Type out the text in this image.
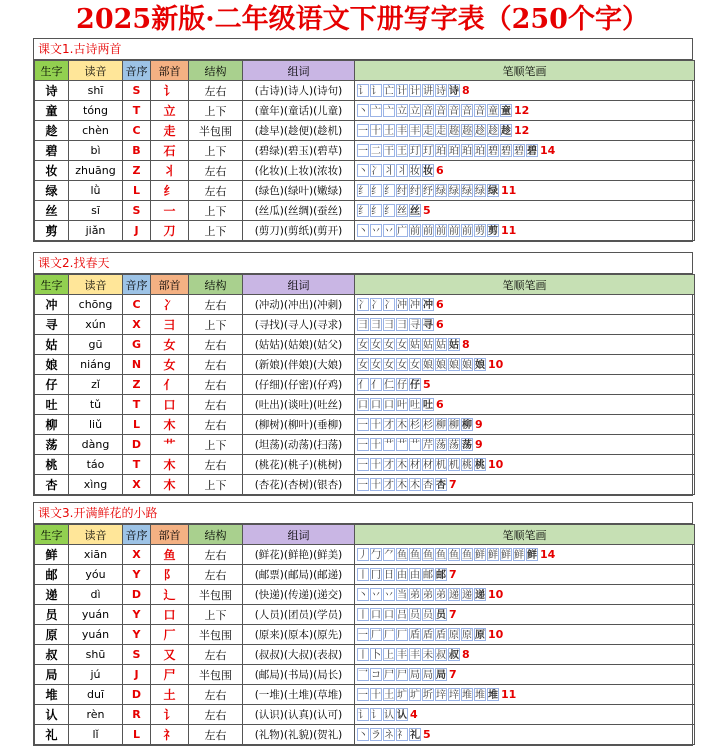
2025新版·二年级语文下册写字表（250个字）
课文1.古诗两首
生字	读音	音序	部首	结构	组词	笔顺笔画
诗	shī	S	讠	左右	(古诗)(诗人)(诗句)	讠 讠 亡 计 计 讲 诗 诗 8
童	tóng	T	立	上下	(童年)(童话)(儿童)	丶 亠 亠 立 立 音 音 音 音 音 童 童 12
趁	chèn	C	走	半包围	(趁早)(趁便)(趁机)	一 十 土 丰 丰 走 走 趂 趂 趁 趁 趁 12
碧	bì	B	石	上下	(碧绿)(碧玉)(碧草)	一 二 干 王 玎 玎 珀 珀 珀 珀 碧 碧 碧 碧 14
妆	zhuāng	Z	丬	左右	(化妆)(上妆)(浓妆)	丶 冫 丬 丬 妆 妆 6
绿	lǜ	L	纟	左右	(绿色)(绿叶)(嫩绿)	纟 纟 纟 纣 纣 纾 绿 绿 绿 绿 绿 11
丝	sī	S	一	上下	(丝瓜)(丝绸)(蚕丝)	纟 纟 纟 丝 丝 5
剪	jiǎn	J	刀	上下	(剪刀)(剪纸)(剪开)	丶 丷 丷 广 前 前 前 前 前 剪 剪 11
课文2.找春天
生字	读音	音序	部首	结构	组词	笔顺笔画
冲	chōng	C	冫	左右	(冲动)(冲出)(冲刺)	冫 冫 冫 冲 冲 冲 6
寻	xún	X	彐	上下	(寻找)(寻人)(寻求)	彐 彐 彐 彐 寻 寻 6
姑	gū	G	女	左右	(姑姑)(姑娘)(姑父)	女 女 女 女 姑 姑 姑 姑 8
娘	niáng	N	女	左右	(新娘)(伴娘)(大娘)	女 女 女 女 女 娘 娘 娘 娘 娘 10
仔	zǐ	Z	亻	左右	(仔细)(仔密)(仔鸡)	亻 亻 仁 仔 仔 5
吐	tǔ	T	口	左右	(吐出)(谈吐)(吐丝)	口 口 口 叶 吐 吐 6
柳	liǔ	L	木	左右	(柳树)(柳叶)(垂柳)	一 十 才 木 杉 杉 柳 柳 柳 9
荡	dàng	D	艹	上下	(坦荡)(动荡)(扫荡)	一 十 艹 艹 艹 芹 荡 荡 荡 9
桃	táo	T	木	左右	(桃花)(桃子)(桃树)	一 十 才 木 材 材 机 机 桃 桃 10
杏	xìng	X	木	上下	(杏花)(杏树)(银杏)	一 十 才 木 木 杏 杏 7
课文3.开满鲜花的小路
生字	读音	音序	部首	结构	组词	笔顺笔画
鲜	xiān	X	鱼	左右	(鲜花)(鲜艳)(鲜美)	丿 勹 ⺈ 鱼 鱼 鱼 鱼 鱼 鱼 鲜 鲜 鲜 鲜 鲜 14
邮	yóu	Y	阝	左右	(邮票)(邮局)(邮递)	丨 冂 日 由 由 邮 邮 7
递	dì	D	辶	半包围	(快递)(传递)(递交)	丶 丷 丷 当 弟 弟 弟 递 递 递 10
员	yuán	Y	口	上下	(人员)(团员)(学员)	丨 口 口 吕 员 员 员 7
原	yuán	Y	厂	半包围	(原来)(原本)(原先)	一 厂 厂 厂 盾 盾 盾 原 原 原 10
叔	shū	S	又	左右	(叔叔)(大叔)(表叔)	丨 卜 上 丰 丰 未 叔 叔 8
局	jú	J	尸	半包围	(邮局)(书局)(局长)	乛 コ 尸 尸 局 局 局 7
堆	duī	D	土	左右	(一堆)(土堆)(草堆)	一 十 土 圹 圹 圻 垶 垶 堆 堆 堆 11
认	rèn	R	讠	左右	(认识)(认真)(认可)	讠 讠 认 认 4
礼	lǐ	L	礻	左右	(礼物)(礼貌)(贺礼)	丶 ラ ネ 礻 礼 5
